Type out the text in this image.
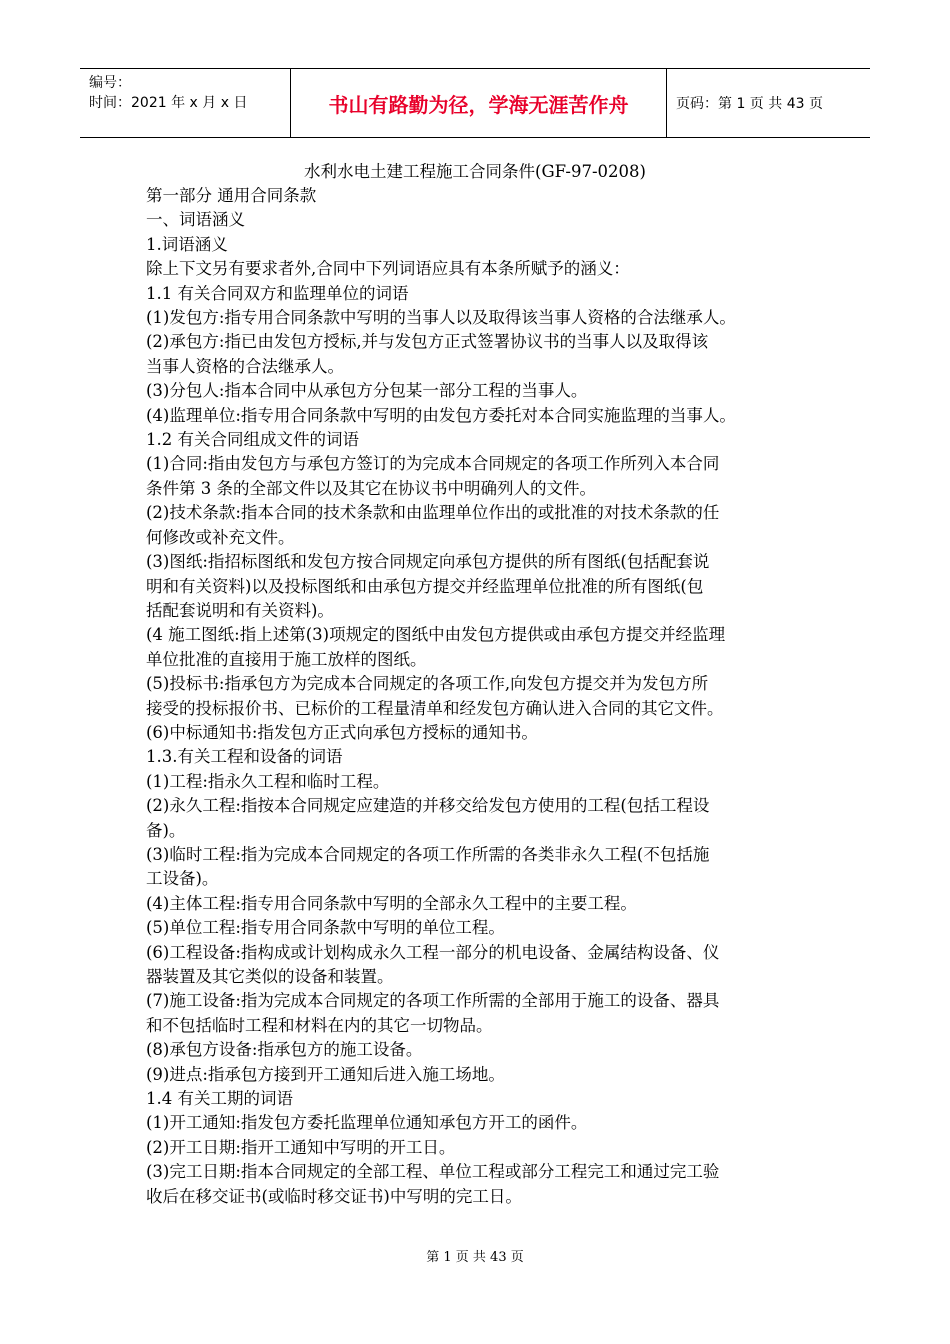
编号：
时间：2021 年 x 月 x 日	书山有路勤为径，学海无涯苦作舟	页码：第 1 页 共 43 页
水利水电土建工程施工合同条件(GF-97-0208)

第一部分 通用合同条款

一、词语涵义

1.词语涵义

除上下文另有要求者外,合同中下列词语应具有本条所赋予的涵义：

1.1 有关合同双方和监理单位的词语

(1)发包方:指专用合同条款中写明的当事人以及取得该当事人资格的合法继承人。

(2)承包方:指已由发包方授标,并与发包方正式签署协议书的当事人以及取得该

当事人资格的合法继承人。

(3)分包人:指本合同中从承包方分包某一部分工程的当事人。

(4)监理单位:指专用合同条款中写明的由发包方委托对本合同实施监理的当事人。

1.2 有关合同组成文件的词语

(1)合同:指由发包方与承包方签订的为完成本合同规定的各项工作所列入本合同

条件第 3 条的全部文件以及其它在协议书中明确列人的文件。

(2)技术条款:指本合同的技术条款和由监理单位作出的或批准的对技术条款的任

何修改或补充文件。

(3)图纸:指招标图纸和发包方按合同规定向承包方提供的所有图纸(包括配套说

明和有关资料)以及投标图纸和由承包方提交并经监理单位批准的所有图纸(包

括配套说明和有关资料)。

(4 施工图纸:指上述第(3)项规定的图纸中由发包方提供或由承包方提交并经监理

单位批准的直接用于施工放样的图纸。

(5)投标书:指承包方为完成本合同规定的各项工作,向发包方提交并为发包方所

接受的投标报价书、已标价的工程量清单和经发包方确认进入合同的其它文件。

(6)中标通知书:指发包方正式向承包方授标的通知书。

1.3.有关工程和设备的词语

(1)工程:指永久工程和临时工程。

(2)永久工程:指按本合同规定应建造的并移交给发包方使用的工程(包括工程设

备)。

(3)临时工程:指为完成本合同规定的各项工作所需的各类非永久工程(不包括施

工设备)。

(4)主体工程:指专用合同条款中写明的全部永久工程中的主要工程。

(5)单位工程:指专用合同条款中写明的单位工程。

(6)工程设备:指构成或计划构成永久工程一部分的机电设备、金属结构设备、仪

器装置及其它类似的设备和装置。

(7)施工设备:指为完成本合同规定的各项工作所需的全部用于施工的设备、器具

和不包括临时工程和材料在内的其它一切物品。

(8)承包方设备:指承包方的施工设备。

(9)进点:指承包方接到开工通知后进入施工场地。

1.4 有关工期的词语

(1)开工通知:指发包方委托监理单位通知承包方开工的函件。

(2)开工日期:指开工通知中写明的开工日。

(3)完工日期:指本合同规定的全部工程、单位工程或部分工程完工和通过完工验

收后在移交证书(或临时移交证书)中写明的完工日。

第 1 页 共 43 页
